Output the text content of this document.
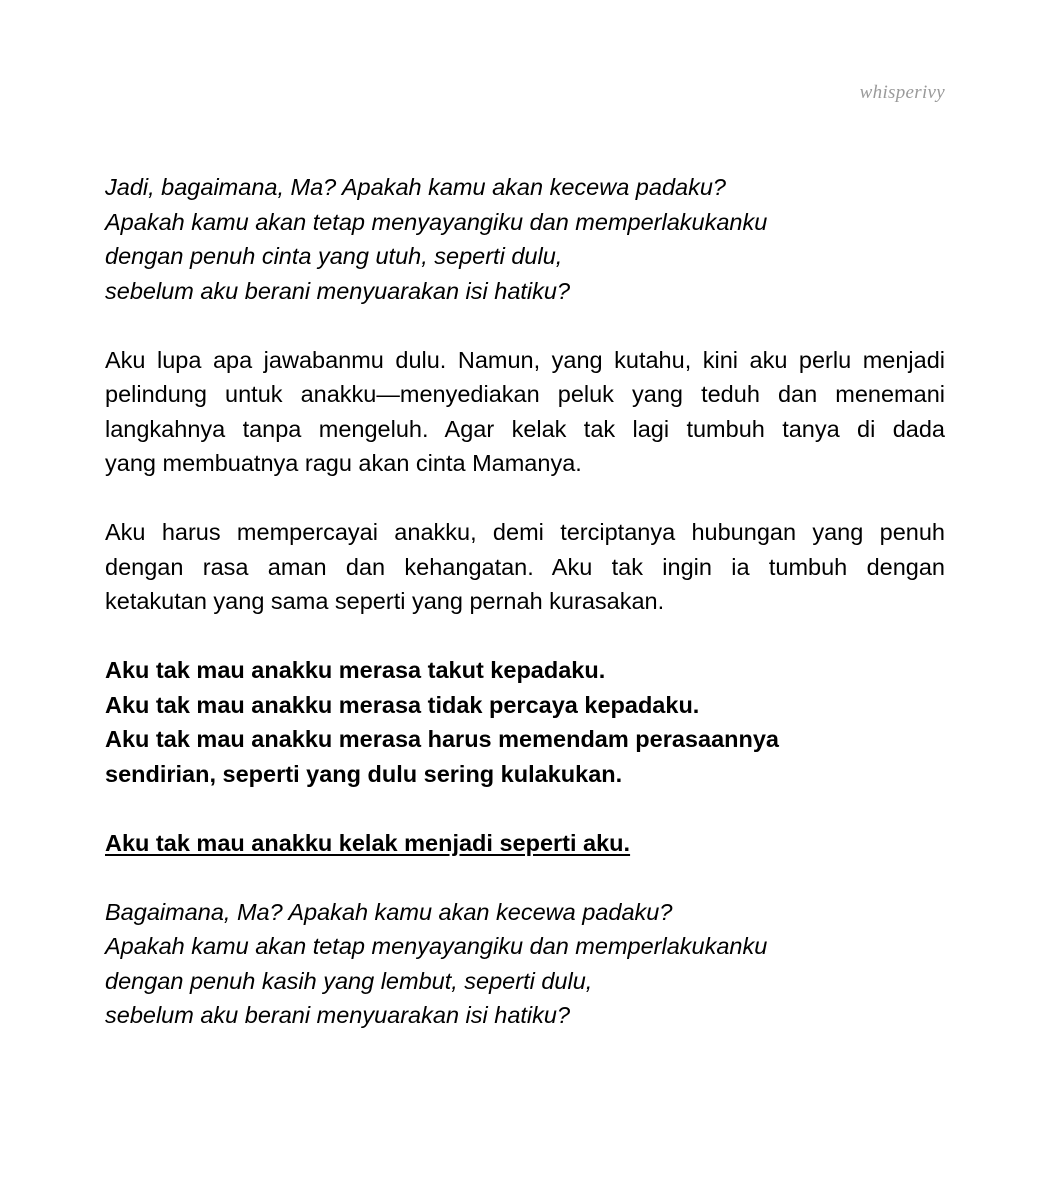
whisperivy
Jadi, bagaimana, Ma? Apakah kamu akan kecewa padaku?
Apakah kamu akan tetap menyayangiku dan memperlakukanku
dengan penuh cinta yang utuh, seperti dulu,
sebelum aku berani menyuarakan isi hatiku?
Aku lupa apa jawabanmu dulu. Namun, yang kutahu, kini aku perlu menjadi
pelindung untuk anakku—menyediakan peluk yang teduh dan menemani
langkahnya tanpa mengeluh. Agar kelak tak lagi tumbuh tanya di dada
yang membuatnya ragu akan cinta Mamanya.
Aku harus mempercayai anakku, demi terciptanya hubungan yang penuh
dengan rasa aman dan kehangatan. Aku tak ingin ia tumbuh dengan
ketakutan yang sama seperti yang pernah kurasakan.
Aku tak mau anakku merasa takut kepadaku.
Aku tak mau anakku merasa tidak percaya kepadaku.
Aku tak mau anakku merasa harus memendam perasaannya
sendirian, seperti yang dulu sering kulakukan.
Aku tak mau anakku kelak menjadi seperti aku.
Bagaimana, Ma? Apakah kamu akan kecewa padaku?
Apakah kamu akan tetap menyayangiku dan memperlakukanku
dengan penuh kasih yang lembut, seperti dulu,
sebelum aku berani menyuarakan isi hatiku?
